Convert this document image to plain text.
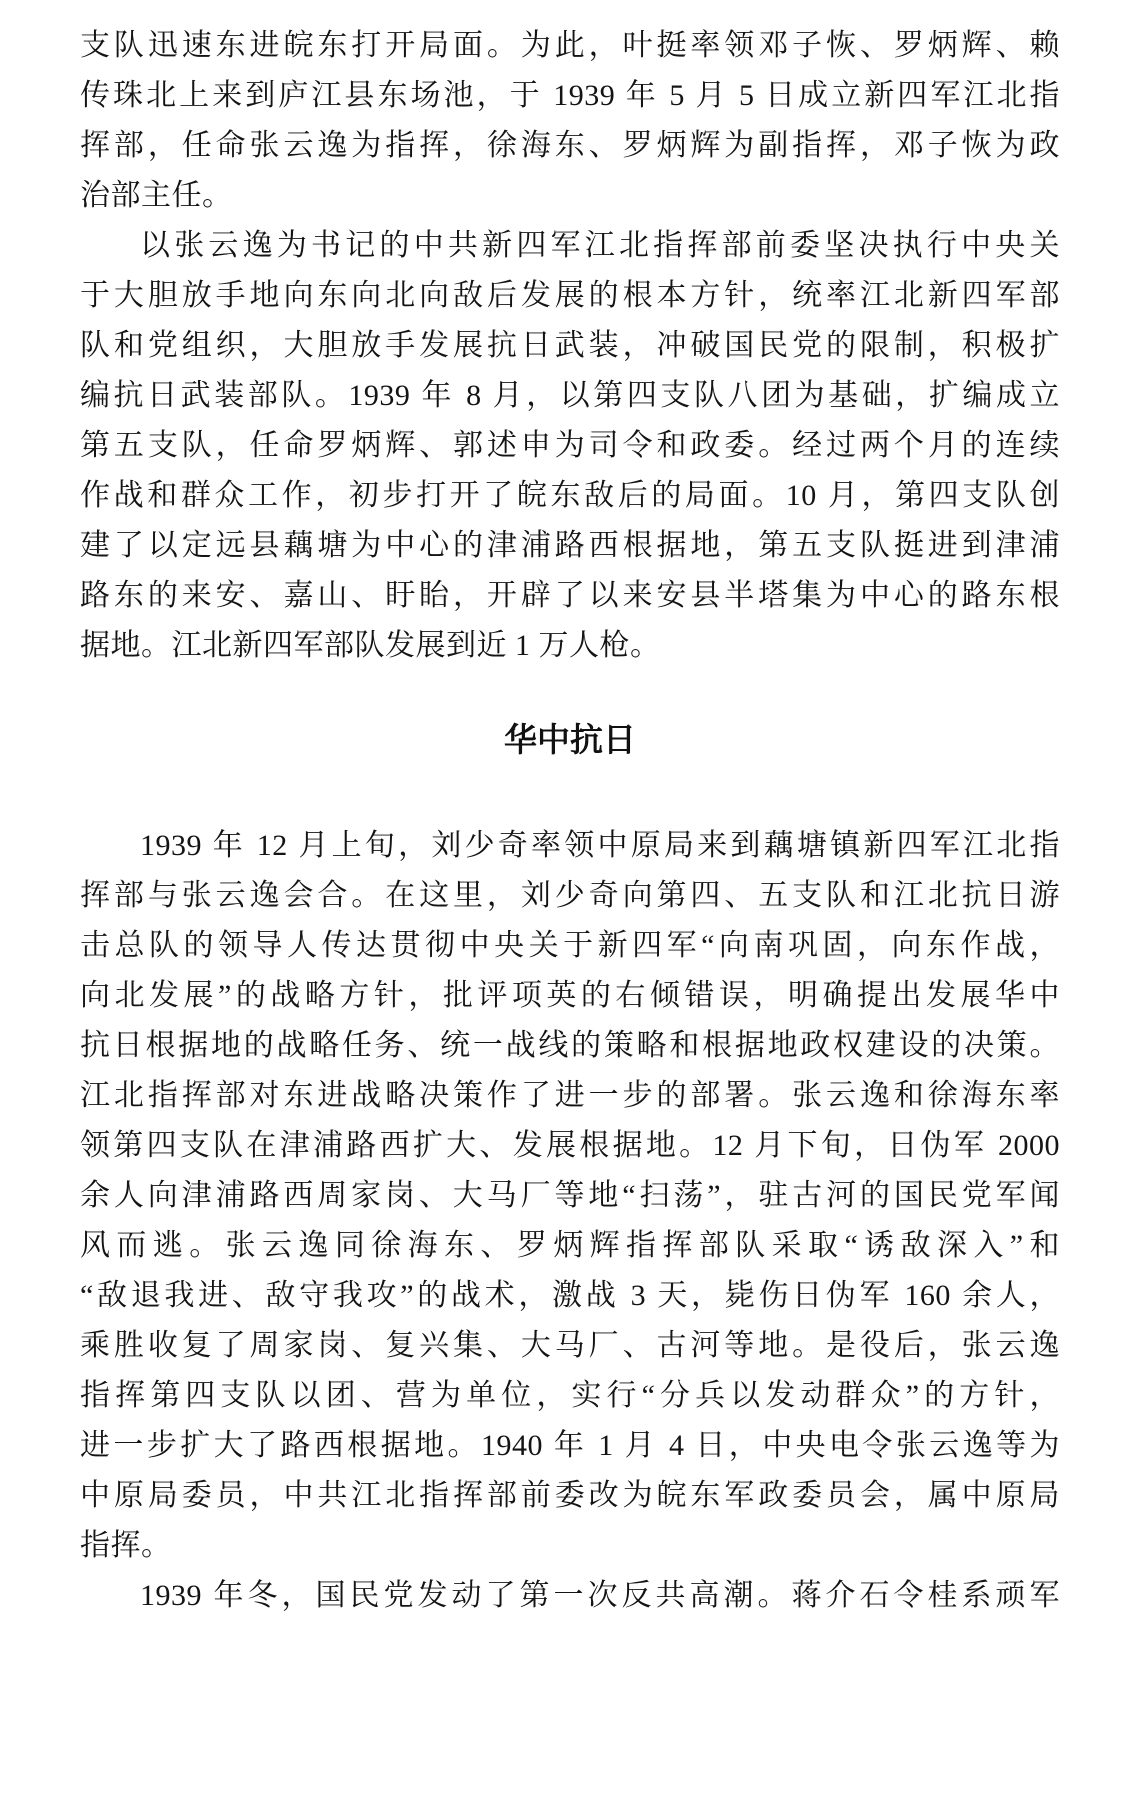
支队迅速东进皖东打开局面。为此，叶挺率领邓子恢、罗炳辉、赖
传珠北上来到庐江县东场池，于 1939 年 5 月 5 日成立新四军江北指
挥部，任命张云逸为指挥，徐海东、罗炳辉为副指挥，邓子恢为政
治部主任。
以张云逸为书记的中共新四军江北指挥部前委坚决执行中央关
于大胆放手地向东向北向敌后发展的根本方针，统率江北新四军部
队和党组织，大胆放手发展抗日武装，冲破国民党的限制，积极扩
编抗日武装部队。1939 年 8 月，以第四支队八团为基础，扩编成立
第五支队，任命罗炳辉、郭述申为司令和政委。经过两个月的连续
作战和群众工作，初步打开了皖东敌后的局面。10 月，第四支队创
建了以定远县藕塘为中心的津浦路西根据地，第五支队挺进到津浦
路东的来安、嘉山、盱眙，开辟了以来安县半塔集为中心的路东根
据地。江北新四军部队发展到近 1 万人枪。
华中抗日
1939 年 12 月上旬，刘少奇率领中原局来到藕塘镇新四军江北指
挥部与张云逸会合。在这里，刘少奇向第四、五支队和江北抗日游
击总队的领导人传达贯彻中央关于新四军“向南巩固，向东作战，
向北发展”的战略方针，批评项英的右倾错误，明确提出发展华中
抗日根据地的战略任务、统一战线的策略和根据地政权建设的决策。
江北指挥部对东进战略决策作了进一步的部署。张云逸和徐海东率
领第四支队在津浦路西扩大、发展根据地。12 月下旬，日伪军 2000
余人向津浦路西周家岗、大马厂等地“扫荡”，驻古河的国民党军闻
风而逃。张云逸同徐海东、罗炳辉指挥部队采取“诱敌深入”和
“敌退我进、敌守我攻”的战术，激战 3 天，毙伤日伪军 160 余人，
乘胜收复了周家岗、复兴集、大马厂、古河等地。是役后，张云逸
指挥第四支队以团、营为单位，实行“分兵以发动群众”的方针，
进一步扩大了路西根据地。1940 年 1 月 4 日，中央电令张云逸等为
中原局委员，中共江北指挥部前委改为皖东军政委员会，属中原局
指挥。
1939 年冬，国民党发动了第一次反共高潮。蒋介石令桂系顽军
